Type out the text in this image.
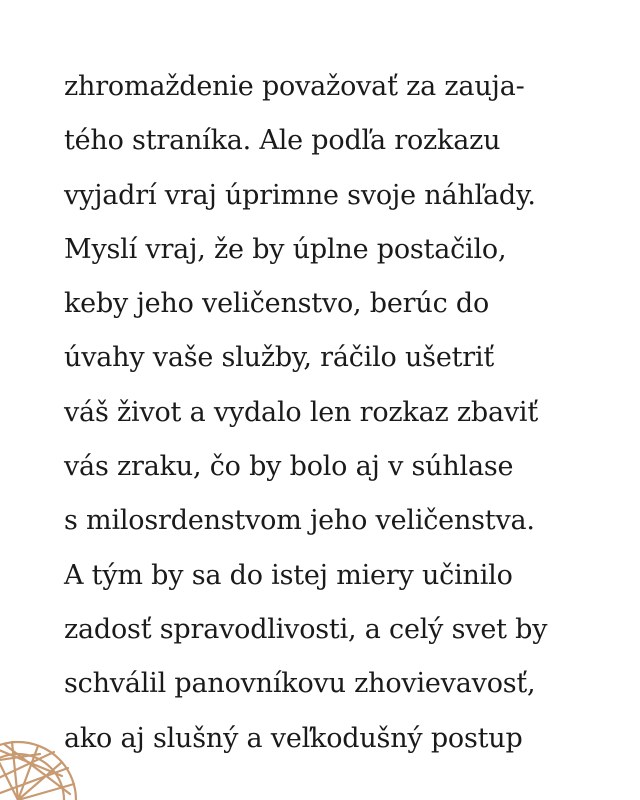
zhromaždenie považovať za zauja-
tého straníka. Ale podľa rozkazu
vyjadrí vraj úprimne svoje náhľady.
Myslí vraj, že by úplne postačilo,
keby jeho veličenstvo, berúc do
úvahy vaše služby, ráčilo ušetriť
váš život a vydalo len rozkaz zbaviť
vás zraku, čo by bolo aj v súhlase
s milosrdenstvom jeho veličenstva.
A tým by sa do istej miery učinilo
zadosť spravodlivosti, a celý svet by
schválil panovníkovu zhovievavosť,
ako aj slušný a veľkodušný postup
